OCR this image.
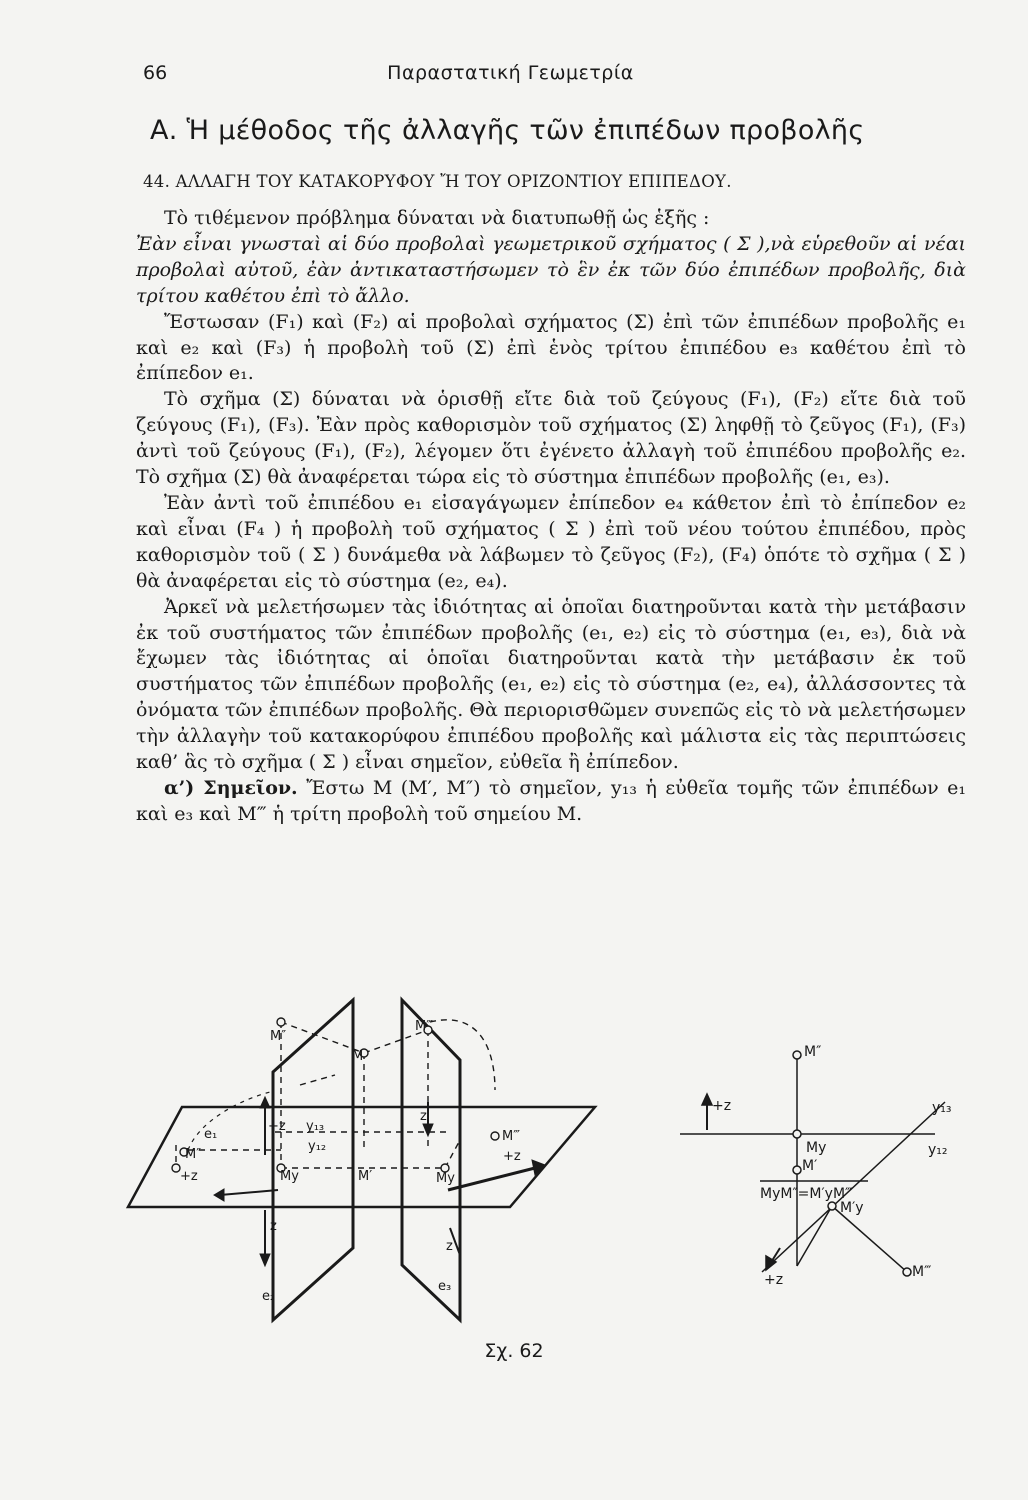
66	Παραστατική Γεωμετρία
Α. Ἡ μέθοδος τῆς ἀλλαγῆς τῶν ἐπιπέδων προβολῆς
44. ΑΛΛΑΓΗ ΤΟΥ ΚΑΤΑΚΟΡΥΦΟΥ Ἤ ΤΟΥ ΟΡΙΖΟΝΤΙΟΥ ΕΠΙΠΕΔΟΥ.

Τὸ τιθέμενον πρόβλημα δύναται νὰ διατυπωθῇ ὡς ἑξῆς :

Ἐὰν εἶναι γνωσταὶ αἱ δύο προβολαὶ γεωμετρικοῦ σχήματος ( Σ ),νὰ εὑρεθοῦν αἱ νέαι προβολαὶ αὐτοῦ, ἐὰν ἀντικαταστήσωμεν τὸ ἓν ἐκ τῶν δύο ἐπιπέδων προβολῆς, διὰ τρίτου καθέτου ἐπὶ τὸ ἄλλο.

Ἔστωσαν (F₁) καὶ (F₂) αἱ προβολαὶ σχήματος (Σ) ἐπὶ τῶν ἐπιπέδων προβολῆς e₁ καὶ e₂ καὶ (F₃) ἡ προβολὴ τοῦ (Σ) ἐπὶ ἑνὸς τρίτου ἐπιπέδου e₃ καθέτου ἐπὶ τὸ ἐπίπεδον e₁.

Τὸ σχῆμα (Σ) δύναται νὰ ὁρισθῇ εἴτε διὰ τοῦ ζεύγους (F₁), (F₂) εἴτε διὰ τοῦ ζεύγους (F₁), (F₃). Ἐὰν πρὸς καθορισμὸν τοῦ σχήματος (Σ) ληφθῇ τὸ ζεῦγος (F₁), (F₃) ἀντὶ τοῦ ζεύγους (F₁), (F₂), λέγομεν ὅτι ἐγένετο ἀλλαγὴ τοῦ ἐπιπέδου προβολῆς e₂. Τὸ σχῆμα (Σ) θὰ ἀναφέρεται τώρα εἰς τὸ σύστημα ἐπιπέδων προβολῆς (e₁, e₃).

Ἐὰν ἀντὶ τοῦ ἐπιπέδου e₁ εἰσαγάγωμεν ἐπίπεδον e₄ κάθετον ἐπὶ τὸ ἐπίπεδον e₂ καὶ εἶναι (F₄ ) ἡ προβολὴ τοῦ σχήματος ( Σ ) ἐπὶ τοῦ νέου τούτου ἐπιπέδου, πρὸς καθορισμὸν τοῦ ( Σ ) δυνάμεθα νὰ λάβωμεν τὸ ζεῦγος (F₂), (F₄) ὁπότε τὸ σχῆμα ( Σ ) θὰ ἀναφέρεται εἰς τὸ σύστημα (e₂, e₄).

Ἀρκεῖ νὰ μελετήσωμεν τὰς ἰδιότητας αἱ ὁποῖαι διατηροῦνται κατὰ τὴν μετάβασιν ἐκ τοῦ συστήματος τῶν ἐπιπέδων προβολῆς (e₁, e₂) εἰς τὸ σύστημα (e₁, e₃), διὰ νὰ ἔχωμεν τὰς ἰδιότητας αἱ ὁποῖαι διατηροῦνται κατὰ τὴν μετάβασιν ἐκ τοῦ συστήματος τῶν ἐπιπέδων προβολῆς (e₁, e₂) εἰς τὸ σύστημα (e₂, e₄), ἀλλάσσοντες τὰ ὀνόματα τῶν ἐπιπέδων προβολῆς. Θὰ περιορισθῶμεν συνεπῶς εἰς τὸ νὰ μελετήσωμεν τὴν ἀλλαγὴν τοῦ κατακορύφου ἐπιπέδου προβολῆς καὶ μάλιστα εἰς τὰς περιπτώσεις καθ’ ἃς τὸ σχῆμα ( Σ ) εἶναι σημεῖον, εὐθεῖα ἢ ἐπίπεδον.

α’) Σημεῖον. Ἔστω M (M′, M″) τὸ σημεῖον, y₁₃ ἡ εὐθεῖα τομῆς τῶν ἐπιπέδων e₁ καὶ e₃ καὶ M‴ ἡ τρίτη προβολὴ τοῦ σημείου M.

e₁
e₂
e₃
M
M″
M‴
M″
M‴
M′
My	My
y₁₂
y₁₃
+z
+z
+z
z
z
z
M″
M′
M‴
My
M′y
y₁₂
y₁₃
+z
+z
MyM″=M′yM‴
Σχ. 62
